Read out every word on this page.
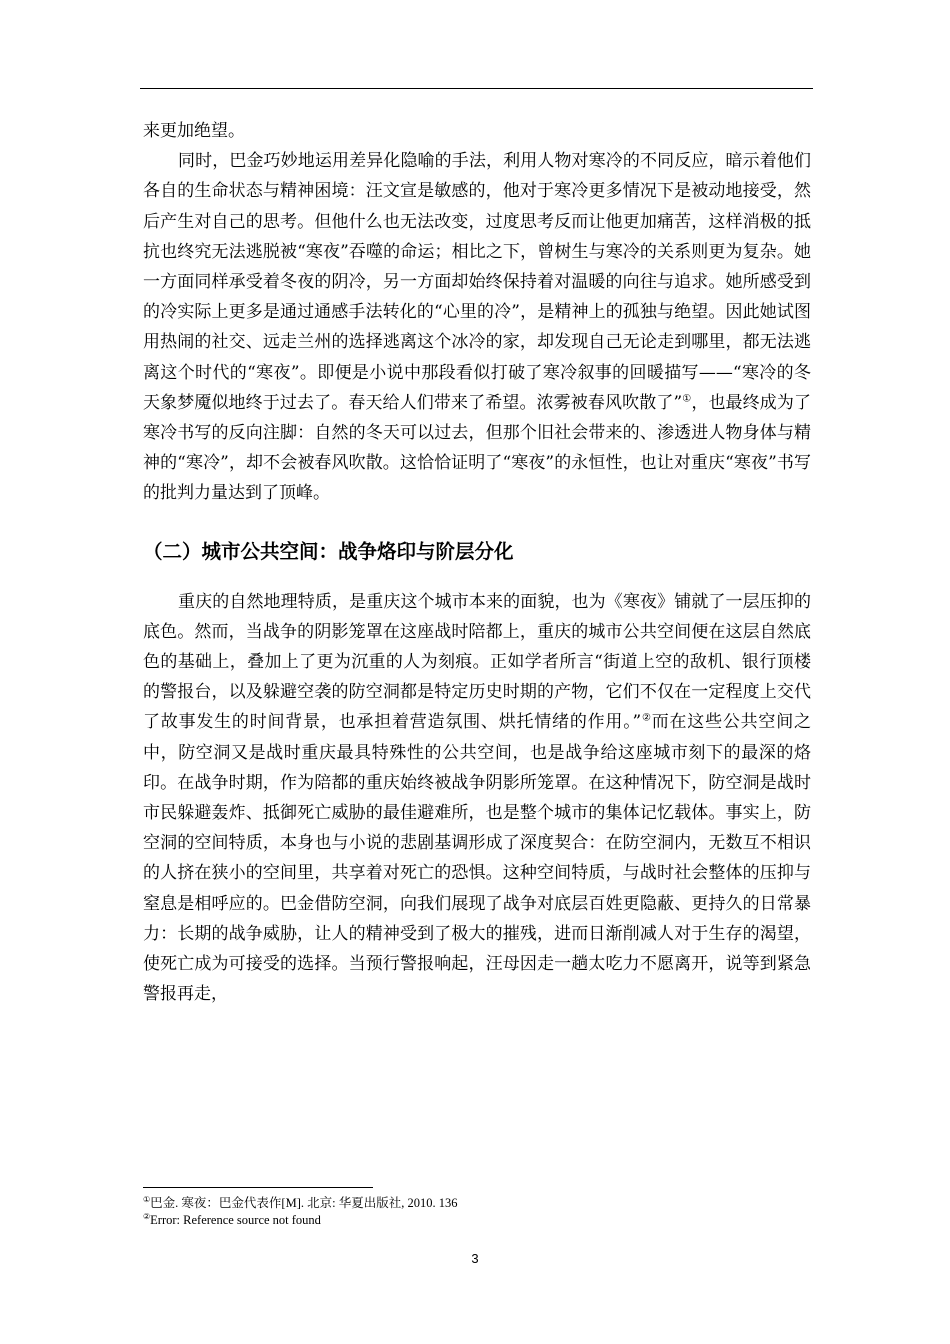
来更加绝望。

同时，巴金巧妙地运用差异化隐喻的手法，利用人物对寒冷的不同反应，暗示着他们各自的生命状态与精神困境：汪文宣是敏感的，他对于寒冷更多情况下是被动地接受，然后产生对自己的思考。但他什么也无法改变，过度思考反而让他更加痛苦，这样消极的抵抗也终究无法逃脱被“寒夜”吞噬的命运；相比之下，曾树生与寒冷的关系则更为复杂。她一方面同样承受着冬夜的阴冷，另一方面却始终保持着对温暖的向往与追求。她所感受到的冷实际上更多是通过通感手法转化的“心里的冷”，是精神上的孤独与绝望。因此她试图用热闹的社交、远走兰州的选择逃离这个冰冷的家，却发现自己无论走到哪里，都无法逃离这个时代的“寒夜”。即便是小说中那段看似打破了寒冷叙事的回暖描写——“寒冷的冬天象梦魇似地终于过去了。春天给人们带来了希望。浓雾被春风吹散了”①，也最终成为了寒冷书写的反向注脚：自然的冬天可以过去，但那个旧社会带来的、渗透进人物身体与精神的“寒冷”，却不会被春风吹散。这恰恰证明了“寒夜”的永恒性，也让对重庆“寒夜”书写的批判力量达到了顶峰。

（二）城市公共空间：战争烙印与阶层分化

重庆的自然地理特质，是重庆这个城市本来的面貌，也为《寒夜》铺就了一层压抑的底色。然而，当战争的阴影笼罩在这座战时陪都上，重庆的城市公共空间便在这层自然底色的基础上，叠加上了更为沉重的人为刻痕。正如学者所言“街道上空的敌机、银行顶楼的警报台，以及躲避空袭的防空洞都是特定历史时期的产物，它们不仅在一定程度上交代了故事发生的时间背景，也承担着营造氛围、烘托情绪的作用。”②而在这些公共空间之中，防空洞又是战时重庆最具特殊性的公共空间，也是战争给这座城市刻下的最深的烙印。在战争时期，作为陪都的重庆始终被战争阴影所笼罩。在这种情况下，防空洞是战时市民躲避轰炸、抵御死亡威胁的最佳避难所，也是整个城市的集体记忆载体。事实上，防空洞的空间特质，本身也与小说的悲剧基调形成了深度契合：在防空洞内，无数互不相识的人挤在狭小的空间里，共享着对死亡的恐惧。这种空间特质，与战时社会整体的压抑与窒息是相呼应的。巴金借防空洞，向我们展现了战争对底层百姓更隐蔽、更持久的日常暴力：长期的战争威胁，让人的精神受到了极大的摧残，进而日渐削减人对于生存的渴望，使死亡成为可接受的选择。当预行警报响起，汪母因走一趟太吃力不愿离开，说等到紧急警报再走，

①巴金. 寒夜：巴金代表作[M]. 北京: 华夏出版社, 2010. 136
②Error: Reference source not found
3
